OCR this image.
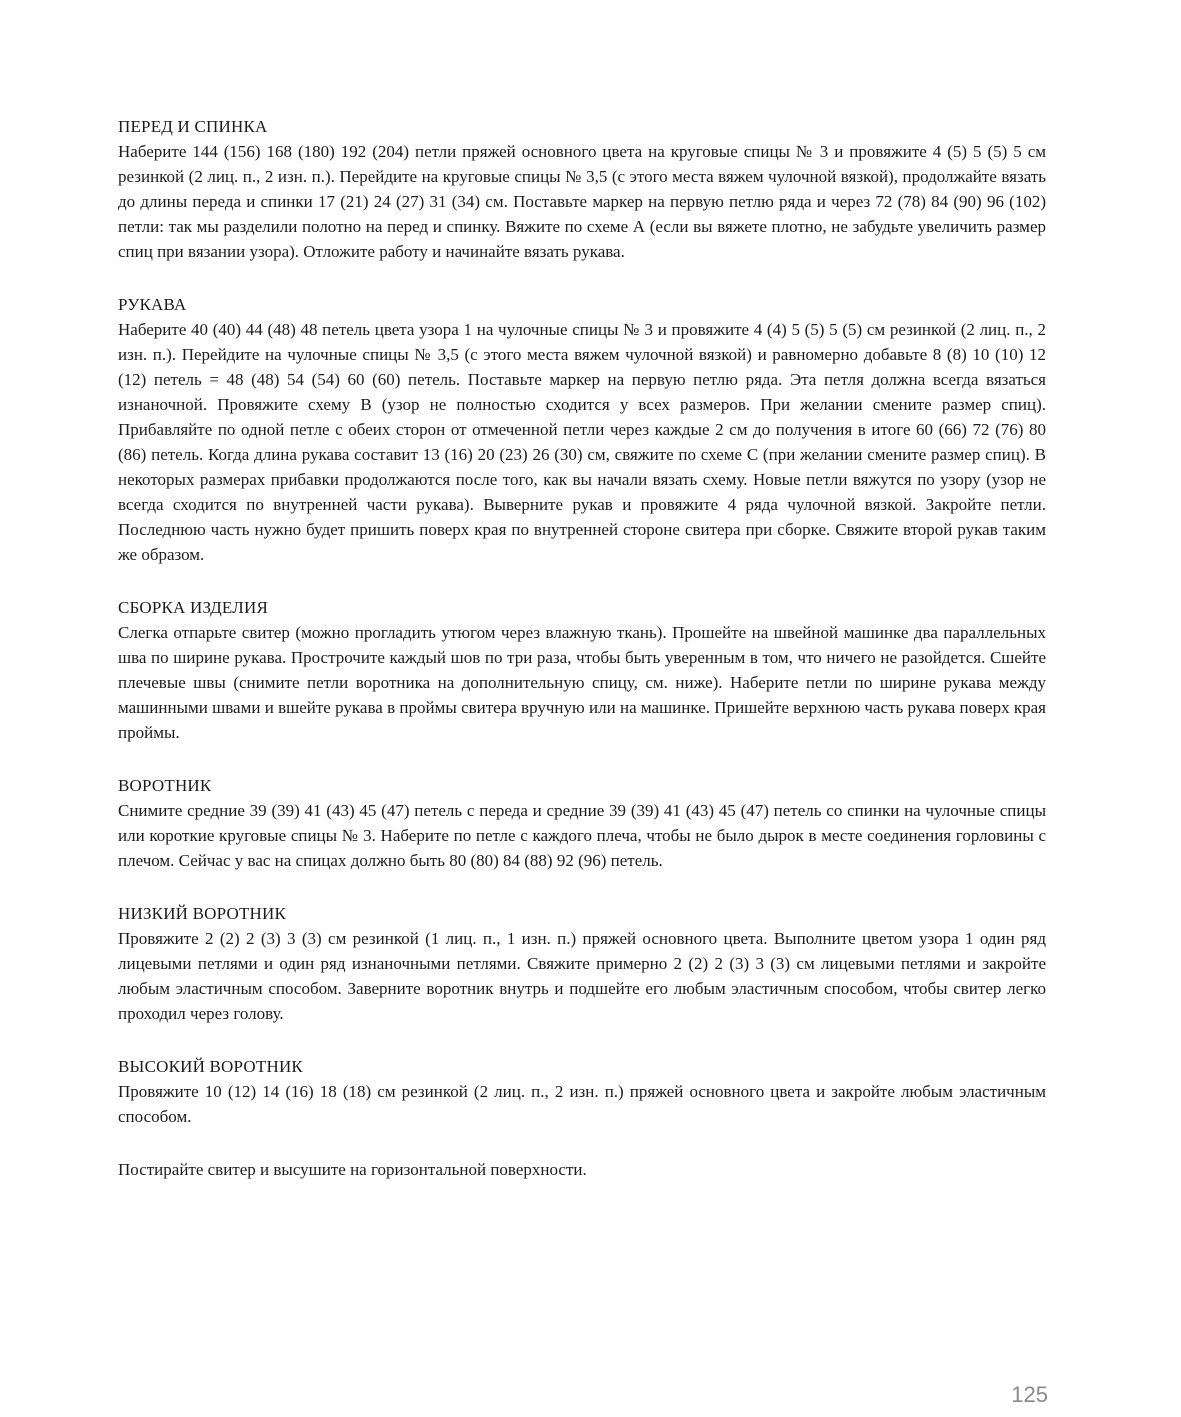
ПЕРЕД И СПИНКА

Наберите 144 (156) 168 (180) 192 (204) петли пряжей основного цвета на круговые спицы № 3 и провяжите 4 (5) 5 (5) 5 см резинкой (2 лиц. п., 2 изн. п.). Перейдите на круговые спицы № 3,5 (с этого места вяжем чулочной вязкой), продолжайте вязать до длины переда и спинки 17 (21) 24 (27) 31 (34) см. Поставьте маркер на первую петлю ряда и через 72 (78) 84 (90) 96 (102) петли: так мы разделили полотно на перед и спинку. Вяжите по схеме А (если вы вяжете плотно, не забудьте увеличить размер спиц при вязании узора). Отложите работу и начинайте вязать рукава.

РУКАВА

Наберите 40 (40) 44 (48) 48 петель цвета узора 1 на чулочные спицы № 3 и провяжите 4 (4) 5 (5) 5 (5) см резинкой (2 лиц. п., 2 изн. п.). Перейдите на чулочные спицы № 3,5 (с этого места вяжем чулочной вязкой) и равномерно добавьте 8 (8) 10 (10) 12 (12) петель = 48 (48) 54 (54) 60 (60) петель. Поставьте маркер на первую петлю ряда. Эта петля должна всегда вязаться изнаночной. Провяжите схему B (узор не полностью сходится у всех размеров. При желании смените размер спиц). Прибавляйте по одной петле с обеих сторон от отмеченной петли через каждые 2 см до получения в итоге 60 (66) 72 (76) 80 (86) петель. Когда длина рукава составит 13 (16) 20 (23) 26 (30) см, свяжите по схеме C (при желании смените размер спиц). В некоторых размерах прибавки продолжаются после того, как вы начали вязать схему. Новые петли вяжутся по узору (узор не всегда сходится по внутренней части рукава). Выверните рукав и провяжите 4 ряда чулочной вязкой. Закройте петли. Последнюю часть нужно будет пришить поверх края по внутренней стороне свитера при сборке. Свяжите второй рукав таким же образом.

СБОРКА ИЗДЕЛИЯ

Слегка отпарьте свитер (можно прогладить утюгом через влажную ткань). Прошейте на швейной машинке два параллельных шва по ширине рукава. Прострочите каждый шов по три раза, чтобы быть уверенным в том, что ничего не разойдется. Сшейте плечевые швы (снимите петли воротника на дополнительную спицу, см. ниже). Наберите петли по ширине рукава между машинными швами и вшейте рукава в проймы свитера вручную или на машинке. Пришейте верхнюю часть рукава поверх края проймы.

ВОРОТНИК

Снимите средние 39 (39) 41 (43) 45 (47) петель с переда и средние 39 (39) 41 (43) 45 (47) петель со спинки на чулочные спицы или короткие круговые спицы № 3. Наберите по петле с каждого плеча, чтобы не было дырок в месте соединения горловины с плечом. Сейчас у вас на спицах должно быть 80 (80) 84 (88) 92 (96) петель.

НИЗКИЙ ВОРОТНИК

Провяжите 2 (2) 2 (3) 3 (3) см резинкой (1 лиц. п., 1 изн. п.) пряжей основного цвета. Выполните цветом узора 1 один ряд лицевыми петлями и один ряд изнаночными петлями. Свяжите примерно 2 (2) 2 (3) 3 (3) см лицевыми петлями и закройте любым эластичным способом. Заверните воротник внутрь и подшейте его любым эластичным способом, чтобы свитер легко проходил через голову.

ВЫСОКИЙ ВОРОТНИК

Провяжите 10 (12) 14 (16) 18 (18) см резинкой (2 лиц. п., 2 изн. п.) пряжей основного цвета и закройте любым эластичным способом.

Постирайте свитер и высушите на горизонтальной поверхности.

125
